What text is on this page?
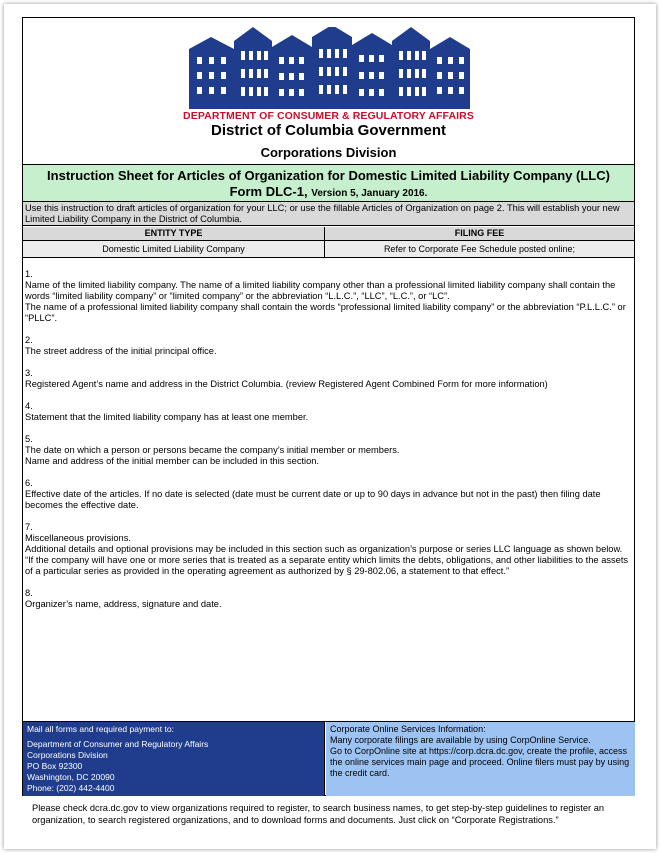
DEPARTMENT OF CONSUMER & REGULATORY AFFAIRS
District of Columbia Government
Corporations Division
Instruction Sheet for Articles of Organization for Domestic Limited Liability Company (LLC)
Form DLC-1, Version 5, January 2016.
Use this instruction to draft articles of organization for your LLC; or use the fillable Articles of Organization on page 2. This will establish your new Limited Liability Company in the District of Columbia.
ENTITY TYPE	FILING FEE
Domestic Limited Liability Company	Refer to Corporate Fee Schedule posted online;
1.
Name of the limited liability company. The name of a limited liability company other than a professional limited liability company shall contain the words “limited liability company” or “limited company” or the abbreviation “L.L.C.”, “LLC”, “L.C.”, or “LC”.
The name of a professional limited liability company shall contain the words “professional limited liability company” or the abbreviation “P.L.L.C.” or “PLLC”.
2.
The street address of the initial principal office.
3.
Registered Agent’s name and address in the District Columbia. (review Registered Agent Combined Form for more information)
4.
Statement that the limited liability company has at least one member.
5.
The date on which a person or persons became the company’s initial member or members.
Name and address of the initial member can be included in this section.
6.
Effective date of the articles. If no date is selected (date must be current date or up to 90 days in advance but not in the past) then filing date becomes the effective date.
7.
Miscellaneous provisions.
Additional details and optional provisions may be included in this section such as organization’s purpose or series LLC language as shown below.
“If the company will have one or more series that is treated as a separate entity which limits the debts, obligations, and other liabilities to the assets of a particular series as provided in the operating agreement as authorized by § 29-802.06, a statement to that effect.”
8.
Organizer’s name, address, signature and date.
Mail all forms and required payment to:
Department of Consumer and Regulatory Affairs
Corporations Division
PO Box 92300
Washington, DC 20090
Phone: (202) 442-4400
Corporate Online Services Information:
Many corporate filings are available by using CorpOnline Service.
Go to CorpOnline site at https://corp.dcra.dc.gov, create the profile, access the online services main page and proceed. Online filers must pay by using the credit card.
Please check dcra.dc.gov to view organizations required to register, to search business names, to get step-by-step guidelines to register an organization, to search registered organizations, and to download forms and documents. Just click on “Corporate Registrations.”
